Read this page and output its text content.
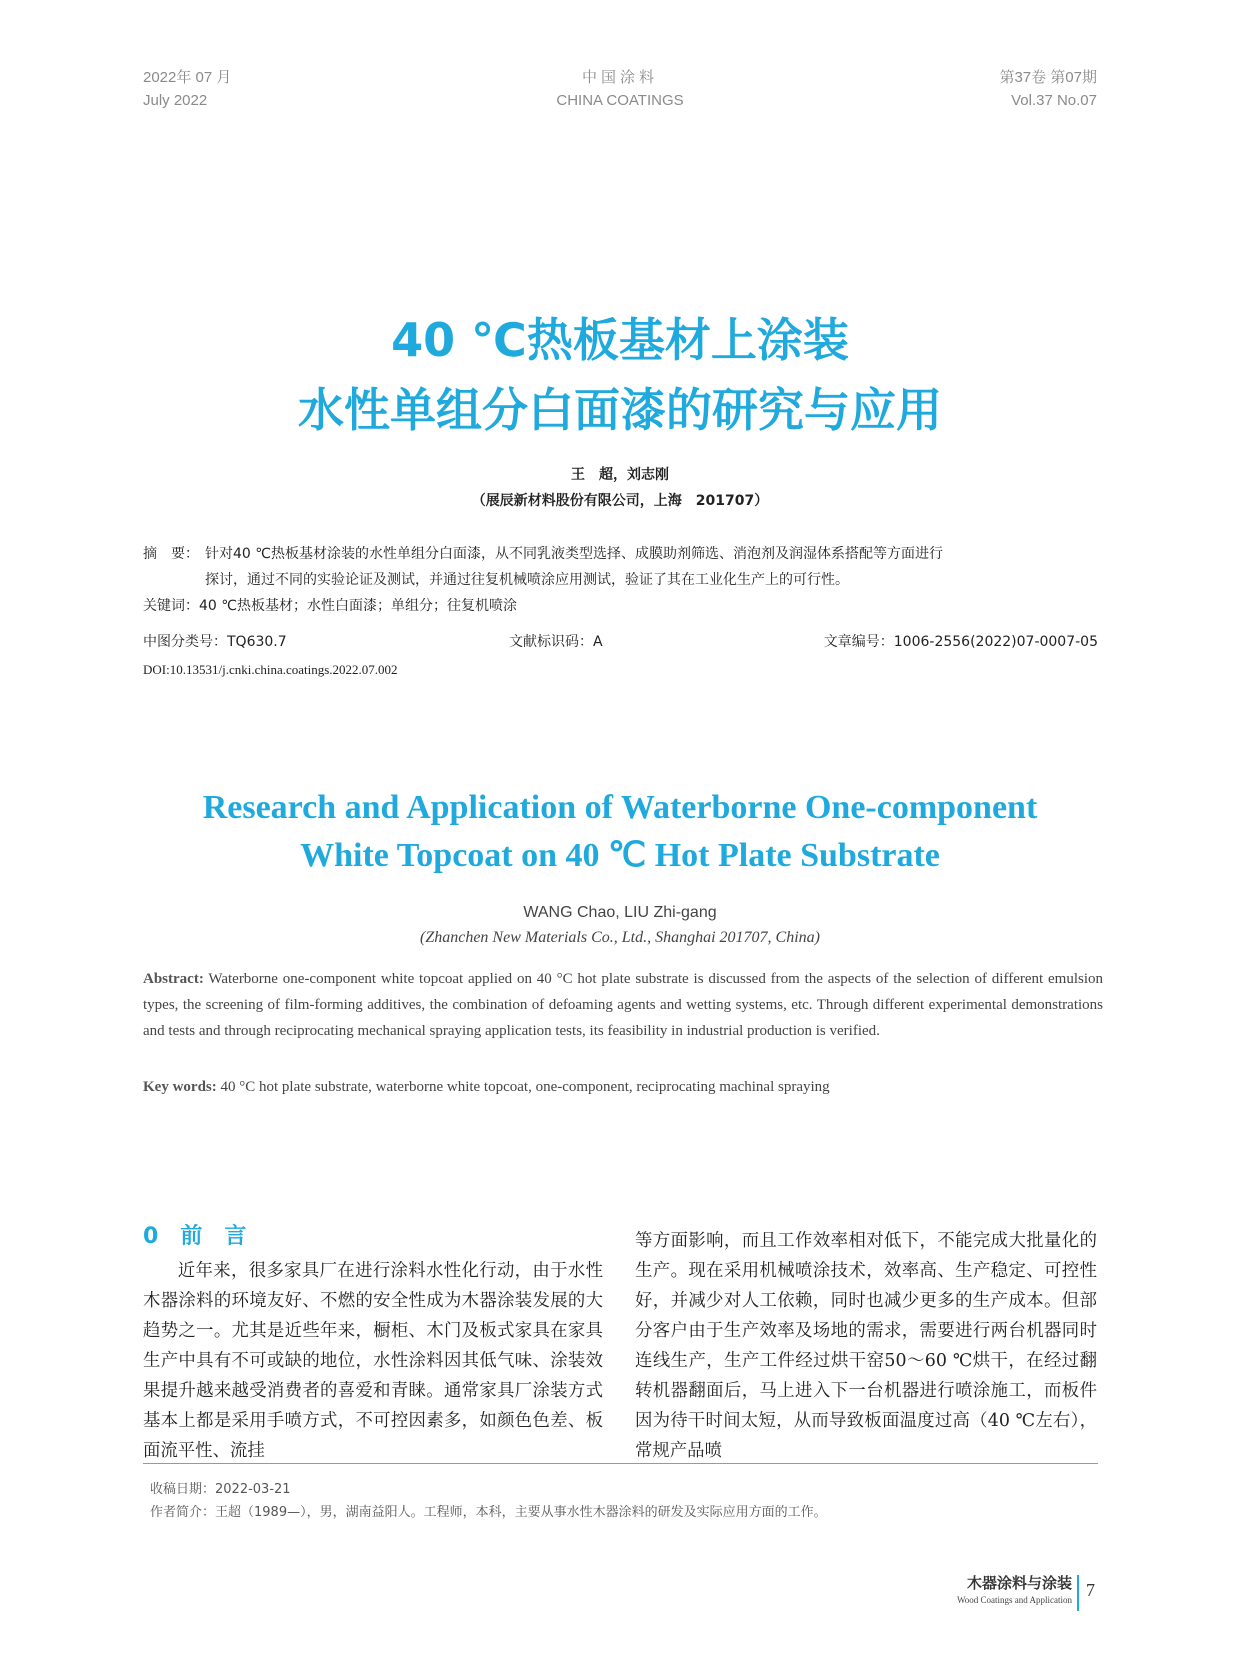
2022年 07 月
July 2022
中国涂料
CHINA COATINGS
第37卷 第07期
Vol.37 No.07
40 ℃热板基材上涂装
水性单组分白面漆的研究与应用
王　超，刘志刚
（展辰新材料股份有限公司，上海　201707）
摘　要： 针对40 ℃热板基材涂装的水性单组分白面漆，从不同乳液类型选择、成膜助剂筛选、消泡剂及润湿体系搭配等方面进行
探讨，通过不同的实验论证及测试，并通过往复机械喷涂应用测试，验证了其在工业化生产上的可行性。
关键词：40 ℃热板基材；水性白面漆；单组分；往复机喷涂
中图分类号：TQ630.7	文献标识码：A	文章编号：1006-2556(2022)07-0007-05
DOI:10.13531/j.cnki.china.coatings.2022.07.002
Research and Application of Waterborne One-component
White Topcoat on 40 ℃ Hot Plate Substrate
WANG Chao, LIU Zhi-gang
(Zhanchen New Materials Co., Ltd., Shanghai 201707, China)
Abstract: Waterborne one-component white topcoat applied on 40 °C hot plate substrate is discussed from the aspects of the selection of different emulsion types, the screening of film-forming additives, the combination of defoaming agents and wetting systems, etc. Through different experimental demonstrations and tests and through reciprocating mechanical spraying application tests, its feasibility in industrial production is verified.
Key words: 40 °C hot plate substrate, waterborne white topcoat, one-component, reciprocating machinal spraying
0 前言

近年来，很多家具厂在进行涂料水性化行动，由于水性木器涂料的环境友好、不燃的安全性成为木器涂装发展的大趋势之一。尤其是近些年来，橱柜、木门及板式家具在家具生产中具有不可或缺的地位，水性涂料因其低气味、涂装效果提升越来越受消费者的喜爱和青睐。通常家具厂涂装方式基本上都是采用手喷方式，不可控因素多，如颜色色差、板面流平性、流挂

等方面影响，而且工作效率相对低下，不能完成大批量化的生产。现在采用机械喷涂技术，效率高、生产稳定、可控性好，并减少对人工依赖，同时也减少更多的生产成本。但部分客户由于生产效率及场地的需求，需要进行两台机器同时连线生产，生产工件经过烘干窑50～60 ℃烘干，在经过翻转机器翻面后，马上进入下一台机器进行喷涂施工，而板件因为待干时间太短，从而导致板面温度过高（40 ℃左右），常规产品喷

收稿日期：2022-03-21
作者简介：王超（1989—），男，湖南益阳人。工程师，本科，主要从事水性木器涂料的研发及实际应用方面的工作。
木器涂料与涂装
Wood Coatings and Application 7
